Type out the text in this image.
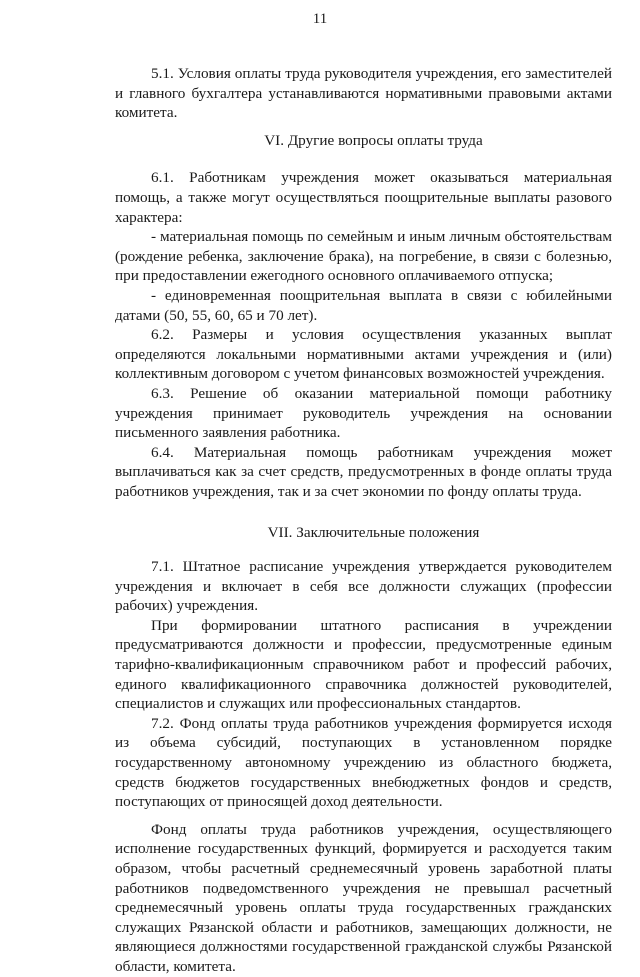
11

5.1. Условия оплаты труда руководителя учреждения, его заместителей и главного бухгалтера устанавливаются нормативными правовыми актами комитета.

VI. Другие вопросы оплаты труда

6.1. Работникам учреждения может оказываться материальная помощь, а также могут осуществляться поощрительные выплаты разового характера:

- материальная помощь по семейным и иным личным обстоятельствам (рождение ребенка, заключение брака), на погребение, в связи с болезнью, при предоставлении ежегодного основного оплачиваемого отпуска;

- единовременная поощрительная выплата в связи с юбилейными датами (50, 55, 60, 65 и 70 лет).

6.2. Размеры и условия осуществления указанных выплат определяются локальными нормативными актами учреждения и (или) коллективным договором с учетом финансовых возможностей учреждения.

6.3. Решение об оказании материальной помощи работнику учреждения принимает руководитель учреждения на основании письменного заявления работника.

6.4. Материальная помощь работникам учреждения может выплачиваться как за счет средств, предусмотренных в фонде оплаты труда работников учреждения, так и за счет экономии по фонду оплаты труда.

VII. Заключительные положения

7.1. Штатное расписание учреждения утверждается руководителем учреждения и включает в себя все должности служащих (профессии рабочих) учреждения.

При формировании штатного расписания в учреждении предусматриваются должности и профессии, предусмотренные единым тарифно-квалификационным справочником работ и профессий рабочих, единого квалификационного справочника должностей руководителей, специалистов и служащих или профессиональных стандартов.

7.2. Фонд оплаты труда работников учреждения формируется исходя из объема субсидий, поступающих в установленном порядке государственному автономному учреждению из областного бюджета, средств бюджетов государственных внебюджетных фондов и средств, поступающих от приносящей доход деятельности.

Фонд оплаты труда работников учреждения, осуществляющего исполнение государственных функций, формируется и расходуется таким образом, чтобы расчетный среднемесячный уровень заработной платы работников подведомственного учреждения не превышал расчетный среднемесячный уровень оплаты труда государственных гражданских служащих Рязанской области и работников, замещающих должности, не являющиеся должностями государственной гражданской службы Рязанской области, комитета.
